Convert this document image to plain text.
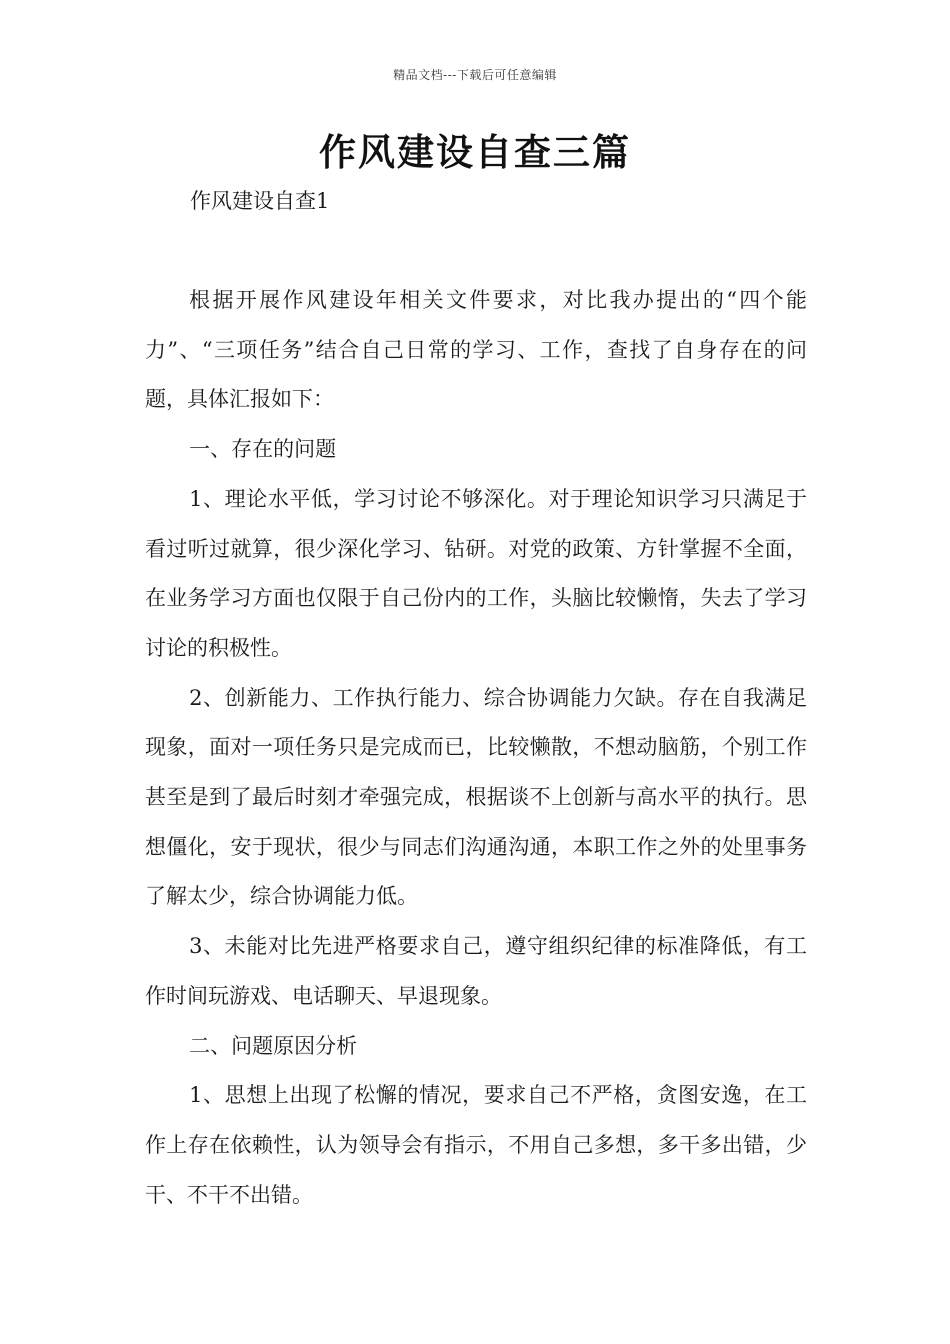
精品文档---下载后可任意编辑
作风建设自查三篇
作风建设自查1

根据开展作风建设年相关文件要求，对比我办提出的“四个能力”、“三项任务”结合自己日常的学习、工作，查找了自身存在的问题，具体汇报如下：

一、存在的问题

1、理论水平低，学习讨论不够深化。对于理论知识学习只满足于看过听过就算，很少深化学习、钻研。对党的政策、方针掌握不全面，在业务学习方面也仅限于自己份内的工作，头脑比较懒惰，失去了学习讨论的积极性。

2、创新能力、工作执行能力、综合协调能力欠缺。存在自我满足现象，面对一项任务只是完成而已，比较懒散，不想动脑筋，个别工作甚至是到了最后时刻才牵强完成，根据谈不上创新与高水平的执行。思想僵化，安于现状，很少与同志们沟通沟通，本职工作之外的处里事务了解太少，综合协调能力低。

3、未能对比先进严格要求自己，遵守组织纪律的标准降低，有工作时间玩游戏、电话聊天、早退现象。

二、问题原因分析

1、思想上出现了松懈的情况，要求自己不严格，贪图安逸，在工作上存在依赖性，认为领导会有指示，不用自己多想，多干多出错，少干、不干不出错。
